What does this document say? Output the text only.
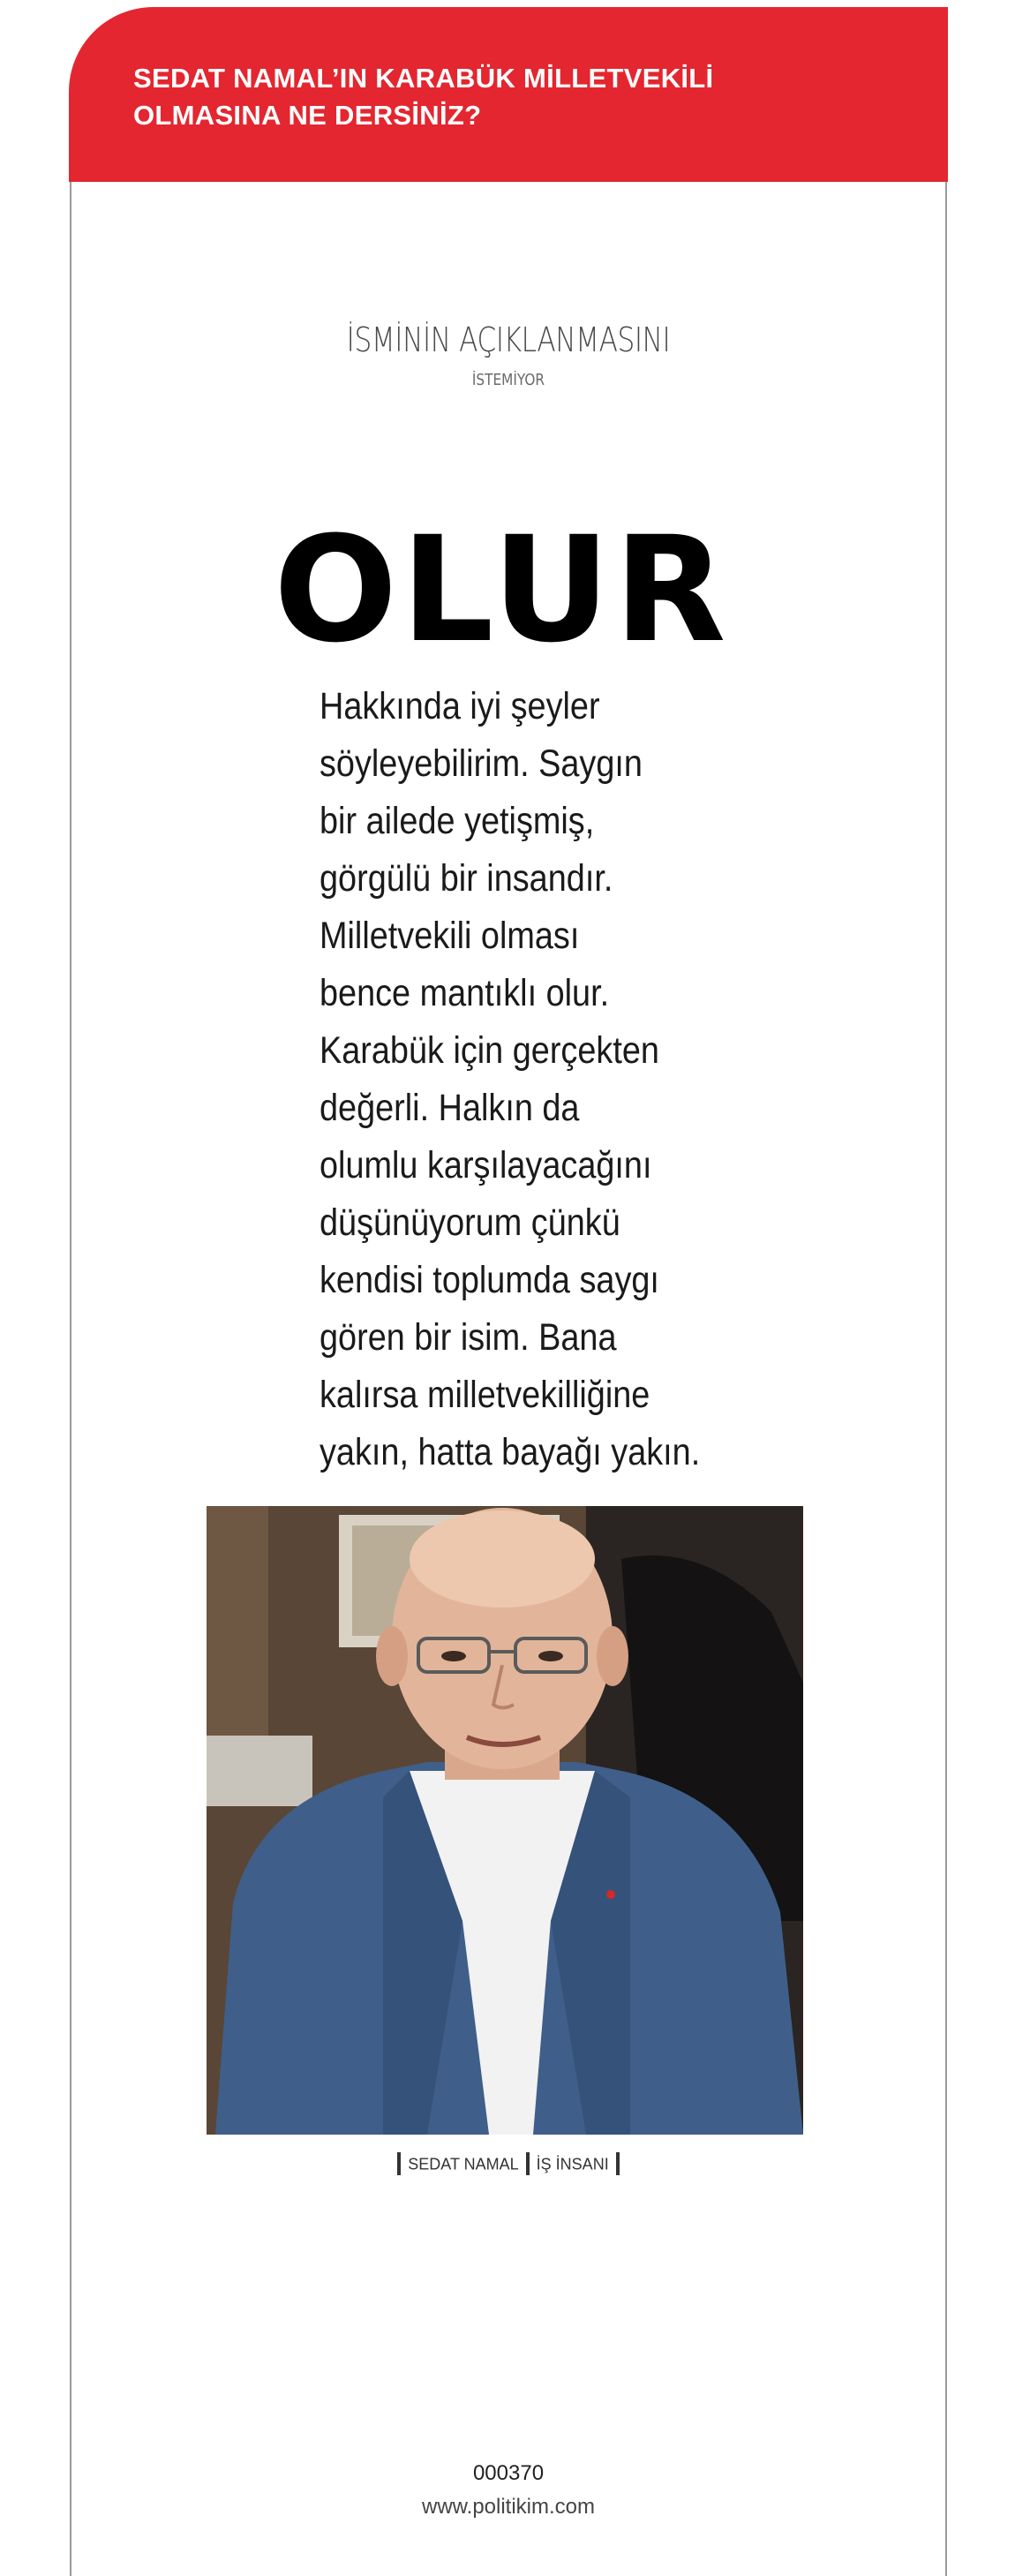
SEDAT NAMAL’IN KARABÜK MİLLETVEKİLİ
OLMASINA NE DERSİNİZ?
İSMİNİN AÇIKLANMASINI
İSTEMİYOR
OLUR

Hakkında iyi şeyler
söyleyebilirim. Saygın
bir ailede yetişmiş,
görgülü bir insandır.
Milletvekili olması
bence mantıklı olur.
Karabük için gerçekten
değerli. Halkın da
olumlu karşılayacağını
düşünüyorum çünkü
kendisi toplumda saygı
gören bir isim. Bana
kalırsa milletvekilliğine
yakın, hatta bayağı yakın.

SEDAT NAMAL İŞ İNSANI
000370
www.politikim.com
